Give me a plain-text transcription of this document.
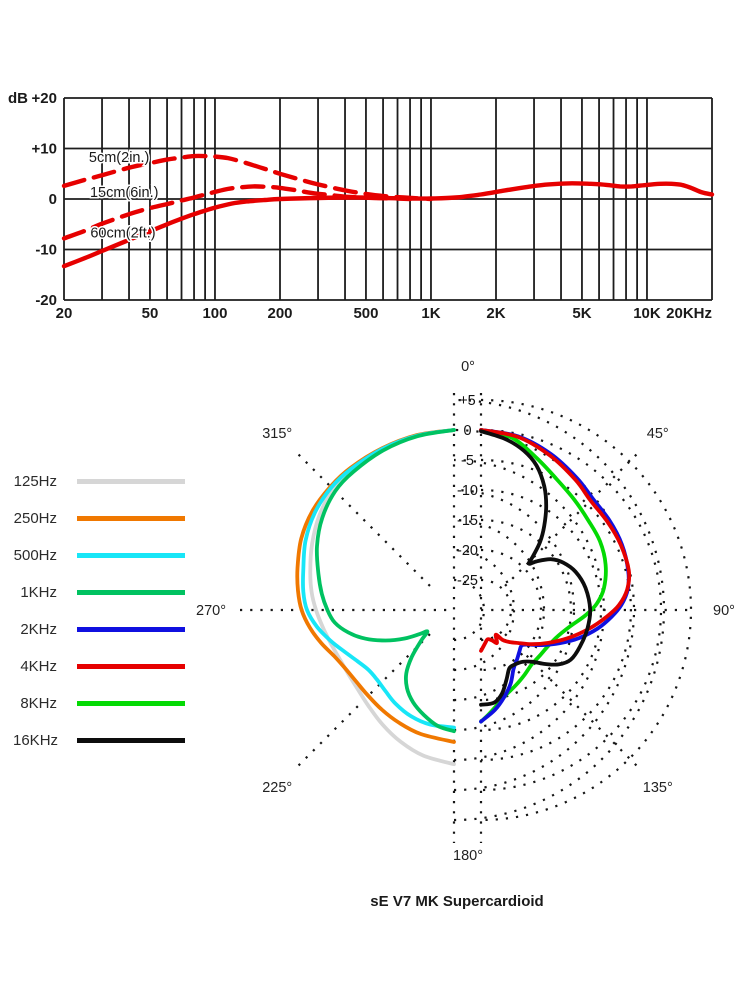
+20
+10
0
-10
-20
dB
20	50	100	200	500	1K	2K	5K	10K 20KHz
5cm(2in.)
15cm(6in.)
60cm(2ft.)
+5
0
-5
-10
-15
-20
-25
0°
45°
90°
135°
180°
225°
270°
315°
125Hz
250Hz
500Hz
1KHz
2KHz
4KHz
8KHz
16KHz
sE V7 MK Supercardioid
